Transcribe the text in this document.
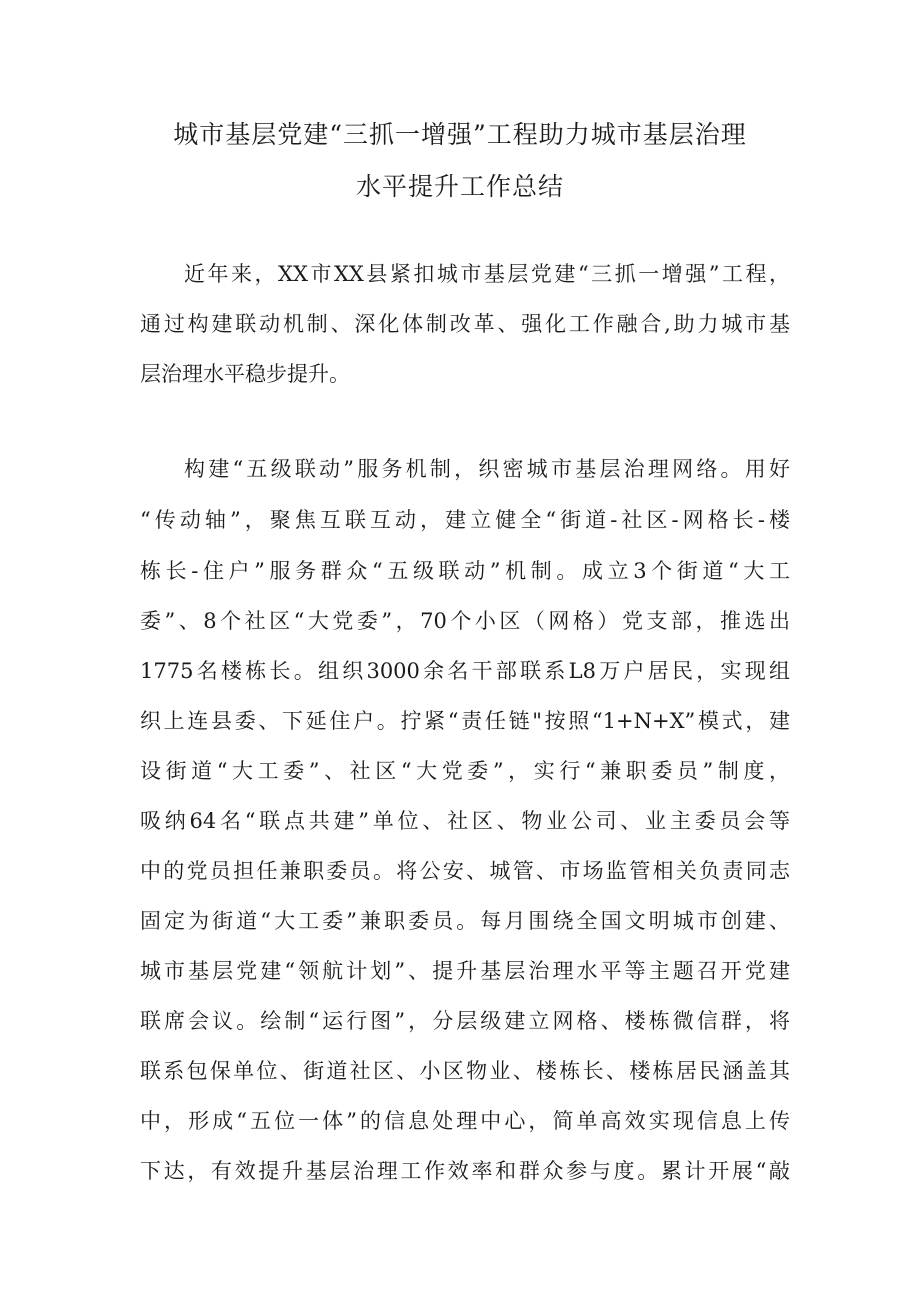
城市基层党建“三抓一增强”工程助力城市基层治理
水平提升工作总结

近年来，XX市XX县紧扣城市基层党建“三抓一增强”工程，

通过构建联动机制、深化体制改革、强化工作融合,助力城市基

层治理水平稳步提升。

构建“五级联动”服务机制，织密城市基层治理网络。用好

“传动轴”，聚焦互联互动，建立健全“街道-社区-网格长-楼

栋长-住户”服务群众“五级联动”机制。成立3个街道“大工

委”、8个社区“大党委”，70个小区（网格）党支部，推选出

1775名楼栋长。组织3000余名干部联系L8万户居民，实现组

织上连县委、下延住户。拧紧“责任链"按照“1+N+X”模式，建

设街道“大工委”、社区“大党委”，实行“兼职委员”制度，

吸纳64名“联点共建”单位、社区、物业公司、业主委员会等

中的党员担任兼职委员。将公安、城管、市场监管相关负责同志

固定为街道“大工委”兼职委员。每月围绕全国文明城市创建、

城市基层党建“领航计划”、提升基层治理水平等主题召开党建

联席会议。绘制“运行图”，分层级建立网格、楼栋微信群，将

联系包保单位、街道社区、小区物业、楼栋长、楼栋居民涵盖其

中，形成“五位一体”的信息处理中心，简单高效实现信息上传

下达，有效提升基层治理工作效率和群众参与度。累计开展“敲
